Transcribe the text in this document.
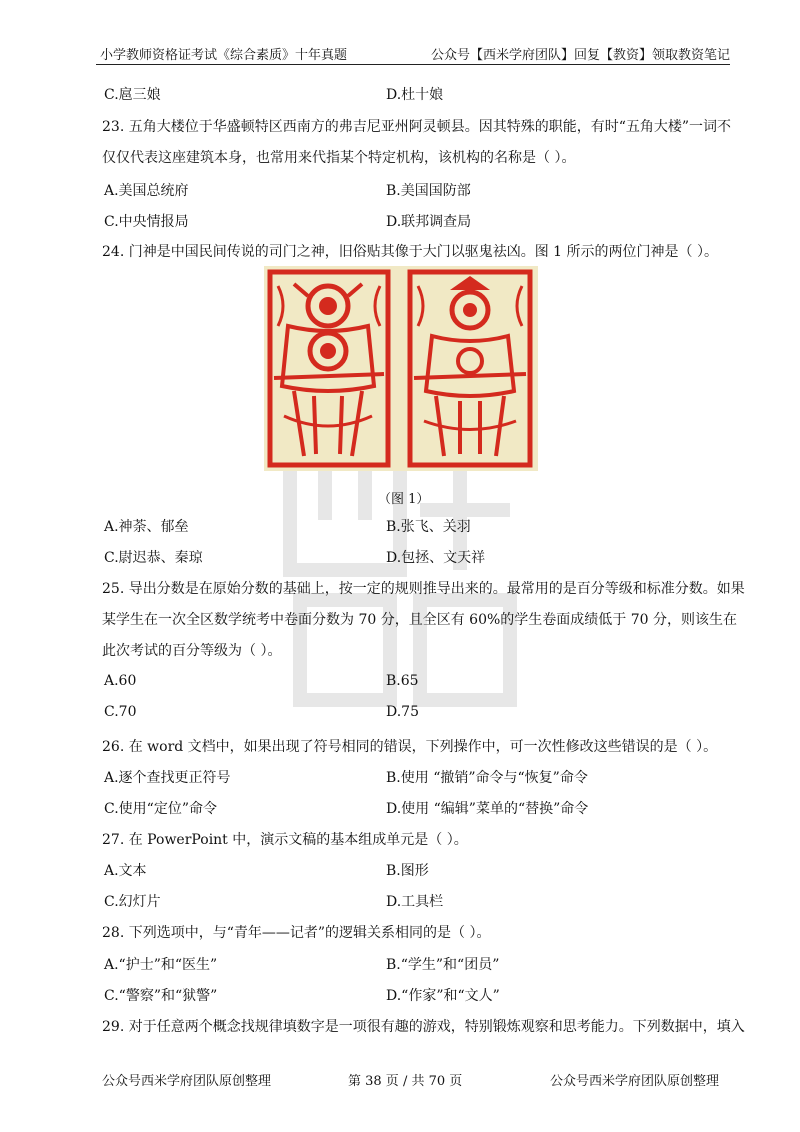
小学教师资格证考试《综合素质》十年真题	公众号【西米学府团队】回复【教资】领取教资笔记
C.扈三娘	D.杜十娘
23. 五角大楼位于华盛顿特区西南方的弗吉尼亚州阿灵顿县。因其特殊的职能，有时“五角大楼”一词不
仅仅代表这座建筑本身，也常用来代指某个特定机构，该机构的名称是（ ）。
A.美国总统府	B.美国国防部
C.中央情报局	D.联邦调查局
24. 门神是中国民间传说的司门之神，旧俗贴其像于大门以驱鬼祛凶。图 1 所示的两位门神是（ ）。
（图 1）
A.神荼、郁垒	B.张飞、关羽
C.尉迟恭、秦琼	D.包拯、文天祥
25. 导出分数是在原始分数的基础上，按一定的规则推导出来的。最常用的是百分等级和标准分数。如果
某学生在一次全区数学统考中卷面分数为 70 分，且全区有 60%的学生卷面成绩低于 70 分，则该生在
此次考试的百分等级为（ ）。
A.60	B.65
C.70	D.75
26. 在 word 文档中，如果出现了符号相同的错误，下列操作中，可一次性修改这些错误的是（ ）。
A.逐个查找更正符号	B.使用 “撤销”命令与“恢复”命令
C.使用“定位”命令	D.使用 “编辑”菜单的“替换”命令
27. 在 PowerPoint 中，演示文稿的基本组成单元是（ ）。
A.文本	B.图形
C.幻灯片	D.工具栏
28. 下列选项中，与“青年——记者”的逻辑关系相同的是（ ）。
A.“护士”和“医生”	B.“学生”和“团员”
C.“警察”和“狱警”	D.“作家”和“文人”
29. 对于任意两个概念找规律填数字是一项很有趣的游戏，特别锻炼观察和思考能力。下列数据中，填入
公众号西米学府团队原创整理	第 38 页 / 共 70 页	公众号西米学府团队原创整理
